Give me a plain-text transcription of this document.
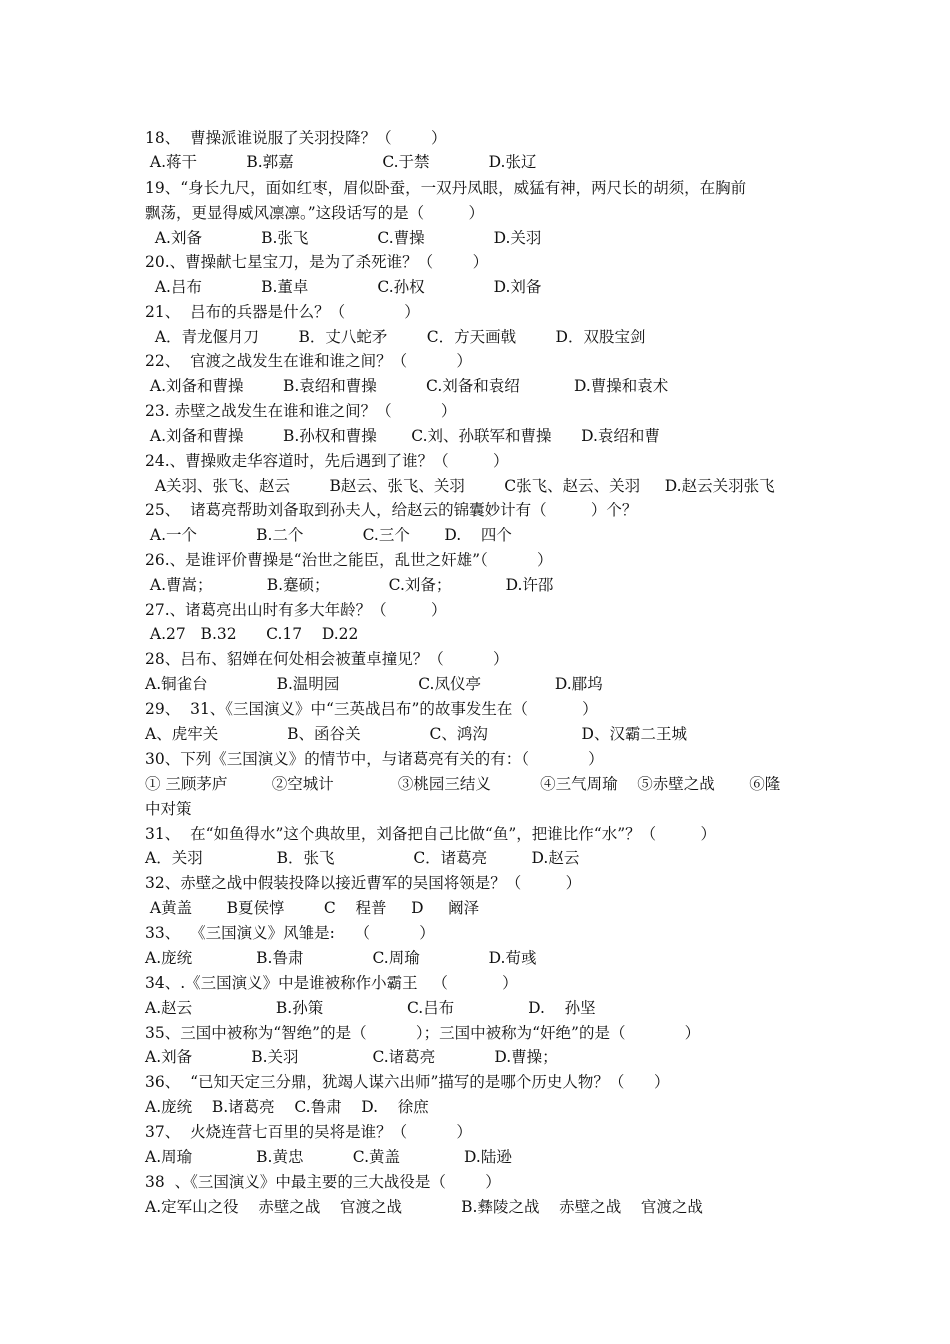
18、  曹操派谁说服了关羽投降？（        ）
A.蒋干          B.郭嘉                  C.于禁            D.张辽
19、“身长九尺，面如红枣，眉似卧蚕，一双丹凤眼，威猛有神，两尺长的胡须，在胸前
飘荡，更显得威风凛凛。”这段话写的是（         ）
A.刘备            B.张飞              C.曹操              D.关羽
20.、曹操献七星宝刀，是为了杀死谁？（        ）
A.吕布            B.董卓              C.孙权              D.刘备
21、  吕布的兵器是什么？（            ）
A．青龙偃月刀        B．丈八蛇矛        C．方天画戟        D．双股宝剑
22、  官渡之战发生在谁和谁之间？（          ）
A.刘备和曹操        B.袁绍和曹操          C.刘备和袁绍           D.曹操和袁术
23. 赤壁之战发生在谁和谁之间？（          ）
A.刘备和曹操        B.孙权和曹操       C.刘、孙联军和曹操      D.袁绍和曹
24.、曹操败走华容道时，先后遇到了谁？（         ）
A关羽、张飞、赵云        B赵云、张飞、关羽        C张飞、赵云、关羽     D.赵云关羽张飞
25、  诸葛亮帮助刘备取到孙夫人，给赵云的锦囊妙计有（         ）个？
A.一个            B.二个            C.三个       D.    四个
26.、是谁评价曹操是“治世之能臣，乱世之奸雄”（          ）
A.曹嵩；           B.蹇硕；            C.刘备；           D.许邵
27.、诸葛亮出山时有多大年龄？（         ）
A.27   B.32      C.17    D.22
28、吕布、貂婵在何处相会被董卓撞见？（          ）
A.铜雀台              B.温明园                C.凤仪亭               D.郿坞
29、  31、《三国演义》中“三英战吕布”的故事发生在（           ）
A、虎牢关              B、函谷关              C、鸿沟                   D、汉霸二王城
30、下列《三国演义》的情节中，与诸葛亮有关的有：（            ）
① 三顾茅庐         ②空城计             ③桃园三结义          ④三气周瑜    ⑤赤壁之战       ⑥隆
中对策
31、  在“如鱼得水”这个典故里，刘备把自己比做“鱼”，把谁比作“水”？（         ）
A．关羽               B．张飞                C．诸葛亮         D.赵云
32、赤壁之战中假装投降以接近曹军的吴国将领是？（         ）
A黄盖       B夏侯惇        C    程普     D     阚泽
33、  《三国演义》风雏是:    （          ）
A.庞统             B.鲁肃              C.周瑜              D.荀彧
34、.《三国演义》中是谁被称作小霸王   （           ）
A.赵云                 B.孙策                 C.吕布               D.    孙坚
35、三国中被称为“智绝”的是（          ）；三国中被称为“奸绝”的是（            ）
A.刘备            B.关羽               C.诸葛亮            D.曹操；
36、  “已知天定三分鼎，犹竭人谋六出师”描写的是哪个历史人物？（      ）
A.庞统    B.诸葛亮    C.鲁肃    D.    徐庶
37、  火烧连营七百里的吴将是谁？（          ）
A.周瑜             B.黄忠          C.黄盖             D.陆逊
38  、《三国演义》中最主要的三大战役是（        ）
A.定军山之役    赤壁之战    官渡之战            B.彝陵之战    赤壁之战    官渡之战
